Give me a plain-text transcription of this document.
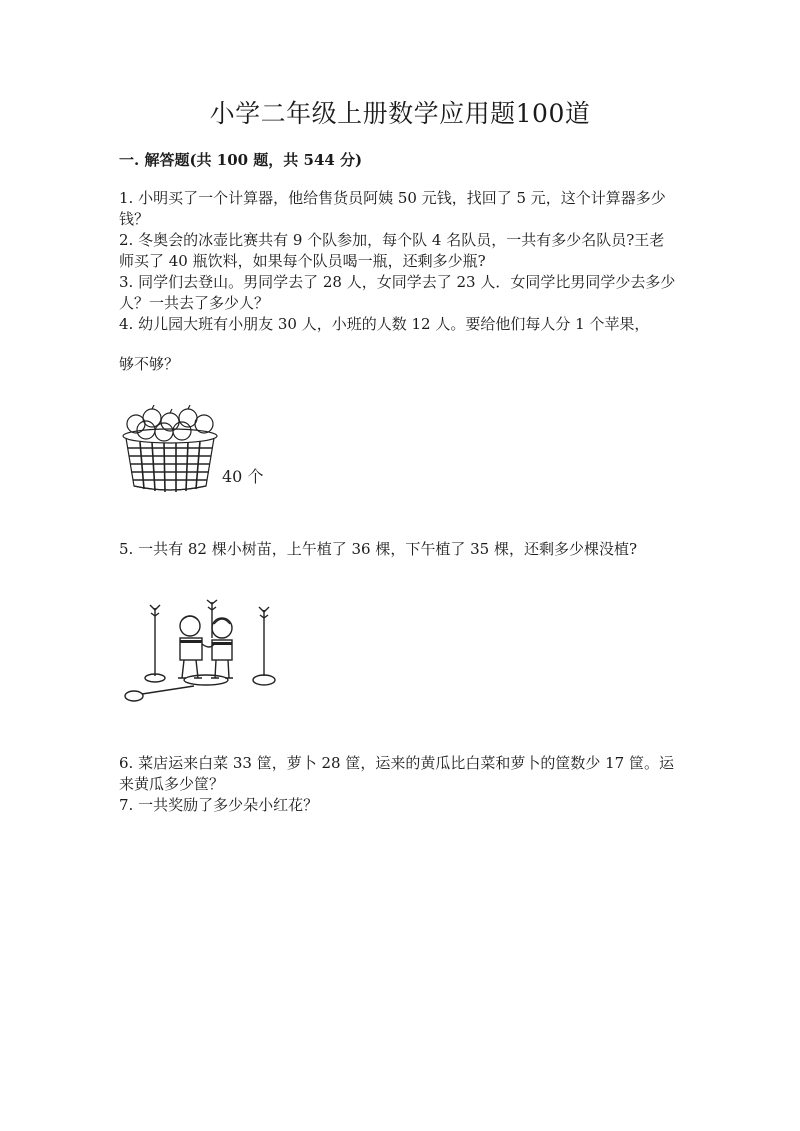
小学二年级上册数学应用题100道
一. 解答题(共 100 题，共 544 分)
1. 小明买了一个计算器，他给售货员阿姨 50 元钱，找回了 5 元，这个计算器多少钱？
2. 冬奥会的冰壶比赛共有 9 个队参加，每个队 4 名队员，一共有多少名队员?王老师买了 40 瓶饮料，如果每个队员喝一瓶，还剩多少瓶?
3. 同学们去登山。男同学去了 28 人，女同学去了 23 人．女同学比男同学少去多少人？一共去了多少人？
4. 幼儿园大班有小朋友 30 人，小班的人数 12 人。要给他们每人分 1 个苹果，
够不够？
40 个
5. 一共有 82 棵小树苗，上午植了 36 棵，下午植了 35 棵，还剩多少棵没植?
6. 菜店运来白菜 33 筐，萝卜 28 筐，运来的黄瓜比白菜和萝卜的筐数少 17 筐。运来黄瓜多少筐？
7. 一共奖励了多少朵小红花？
